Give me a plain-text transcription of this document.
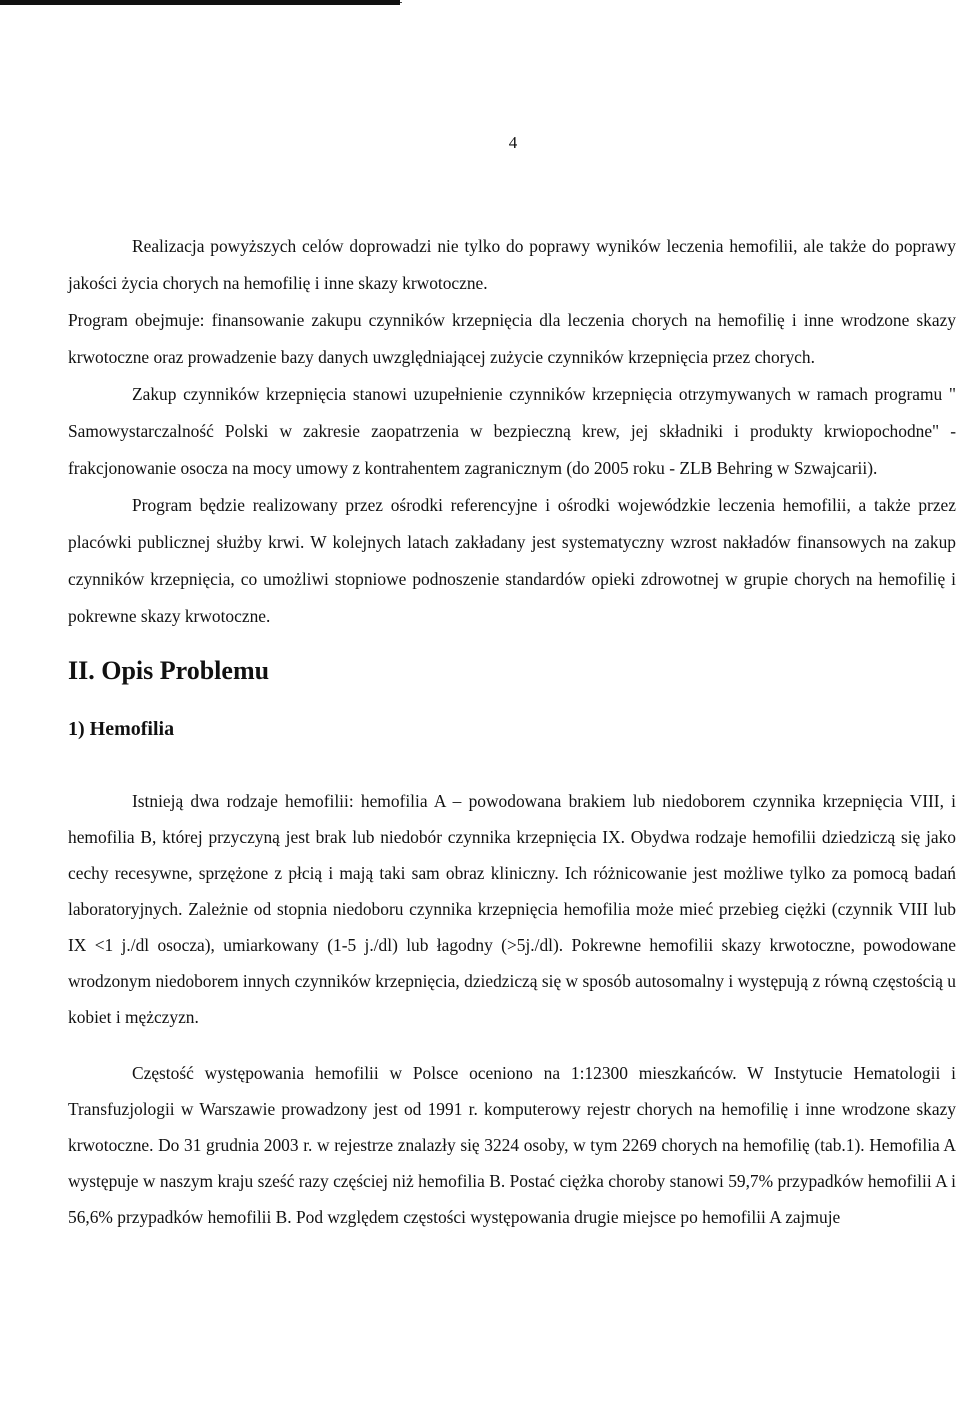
4

Realizacja powyższych celów doprowadzi nie tylko do poprawy wyników leczenia hemofilii, ale także do poprawy jakości życia chorych na hemofilię i inne skazy krwotoczne.

Program obejmuje: finansowanie zakupu czynników krzepnięcia dla leczenia chorych na hemofilię i inne wrodzone skazy krwotoczne oraz prowadzenie bazy danych uwzględniającej zużycie czynników krzepnięcia przez chorych.

Zakup czynników krzepnięcia stanowi uzupełnienie czynników krzepnięcia otrzymywanych w ramach programu " Samowystarczalność Polski w zakresie zaopatrzenia w bezpieczną krew, jej składniki i produkty krwiopochodne" - frakcjonowanie osocza na mocy umowy z kontrahentem zagranicznym (do 2005 roku - ZLB Behring w Szwajcarii).

Program będzie realizowany przez ośrodki referencyjne i ośrodki wojewódzkie leczenia hemofilii, a także przez placówki publicznej służby krwi. W kolejnych latach zakładany jest systematyczny wzrost nakładów finansowych na zakup czynników krzepnięcia, co umożliwi stopniowe podnoszenie standardów opieki zdrowotnej w grupie chorych na hemofilię i pokrewne skazy krwotoczne.

II. Opis Problemu
1) Hemofilia

Istnieją dwa rodzaje hemofilii: hemofilia A – powodowana brakiem lub niedoborem czynnika krzepnięcia VIII, i hemofilia B, której przyczyną jest brak lub niedobór czynnika krzepnięcia IX. Obydwa rodzaje hemofilii dziedziczą się jako cechy recesywne, sprzężone z płcią i mają taki sam obraz kliniczny. Ich różnicowanie jest możliwe tylko za pomocą badań laboratoryjnych. Zależnie od stopnia niedoboru czynnika krzepnięcia hemofilia może mieć przebieg ciężki (czynnik VIII lub IX <1 j./dl osocza), umiarkowany (1-5 j./dl) lub łagodny (>5j./dl). Pokrewne hemofilii skazy krwotoczne, powodowane wrodzonym niedoborem innych czynników krzepnięcia, dziedziczą się w sposób autosomalny i występują z równą częstością u kobiet i mężczyzn.

Częstość występowania hemofilii w Polsce oceniono na 1:12300 mieszkańców. W Instytucie Hematologii i Transfuzjologii w Warszawie prowadzony jest od 1991 r. komputerowy rejestr chorych na hemofilię i inne wrodzone skazy krwotoczne. Do 31 grudnia 2003 r. w rejestrze znalazły się 3224 osoby, w tym 2269 chorych na hemofilię (tab.1). Hemofilia A występuje w naszym kraju sześć razy częściej niż hemofilia B. Postać ciężka choroby stanowi 59,7% przypadków hemofilii A i 56,6% przypadków hemofilii B. Pod względem częstości występowania drugie miejsce po hemofilii A zajmuje
